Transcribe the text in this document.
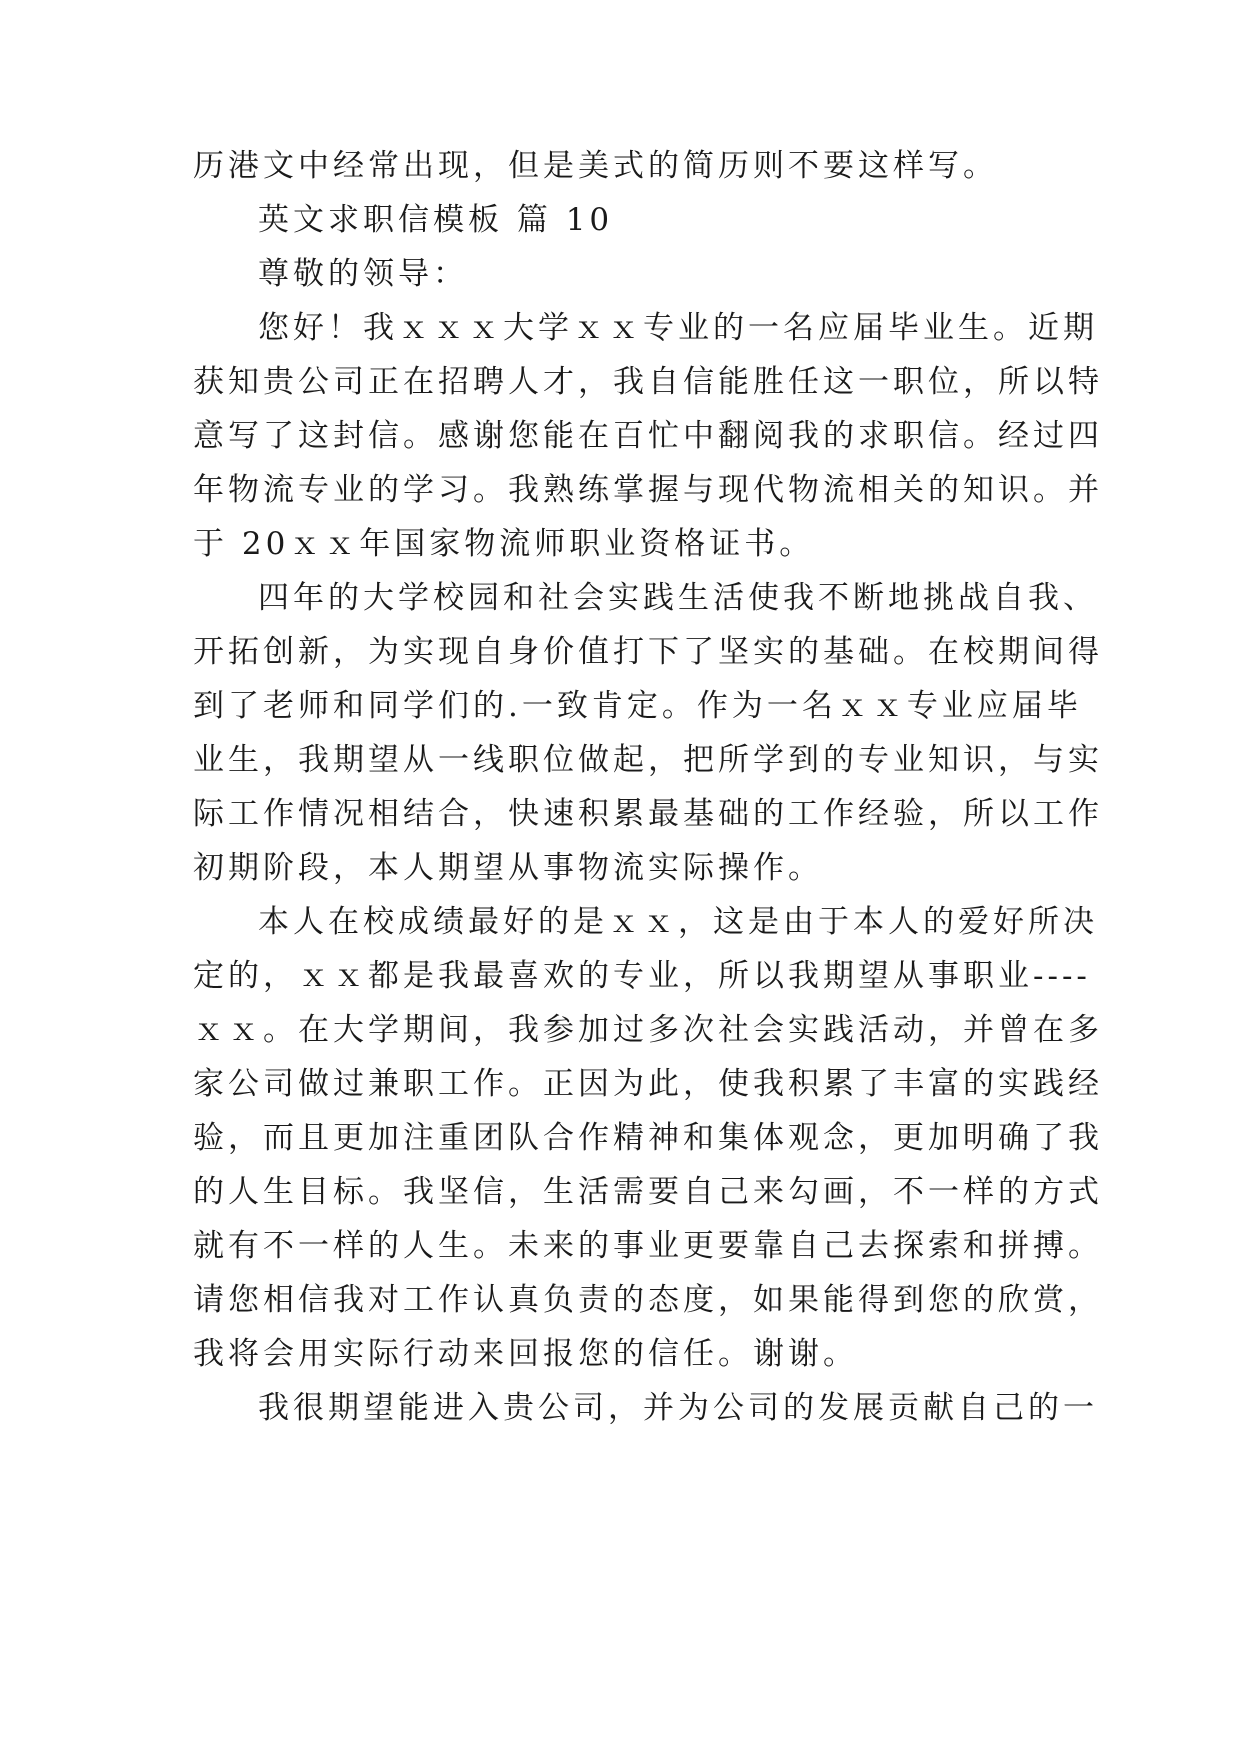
历港文中经常出现，但是美式的简历则不要这样写。
英文求职信模板 篇 10
尊敬的领导：
您好！我ｘｘｘ大学ｘｘ专业的一名应届毕业生。近期
获知贵公司正在招聘人才，我自信能胜任这一职位，所以特
意写了这封信。感谢您能在百忙中翻阅我的求职信。经过四
年物流专业的学习。我熟练掌握与现代物流相关的知识。并
于 20ｘｘ年国家物流师职业资格证书。
四年的大学校园和社会实践生活使我不断地挑战自我、
开拓创新，为实现自身价值打下了坚实的基础。在校期间得
到了老师和同学们的.一致肯定。作为一名ｘｘ专业应届毕
业生，我期望从一线职位做起，把所学到的专业知识，与实
际工作情况相结合，快速积累最基础的工作经验，所以工作
初期阶段，本人期望从事物流实际操作。
本人在校成绩最好的是ｘｘ，这是由于本人的爱好所决
定的，ｘｘ都是我最喜欢的专业，所以我期望从事职业----
ｘｘ。在大学期间，我参加过多次社会实践活动，并曾在多
家公司做过兼职工作。正因为此，使我积累了丰富的实践经
验，而且更加注重团队合作精神和集体观念，更加明确了我
的人生目标。我坚信，生活需要自己来勾画，不一样的方式
就有不一样的人生。未来的事业更要靠自己去探索和拼搏。
请您相信我对工作认真负责的态度，如果能得到您的欣赏，
我将会用实际行动来回报您的信任。谢谢。
我很期望能进入贵公司，并为公司的发展贡献自己的一
